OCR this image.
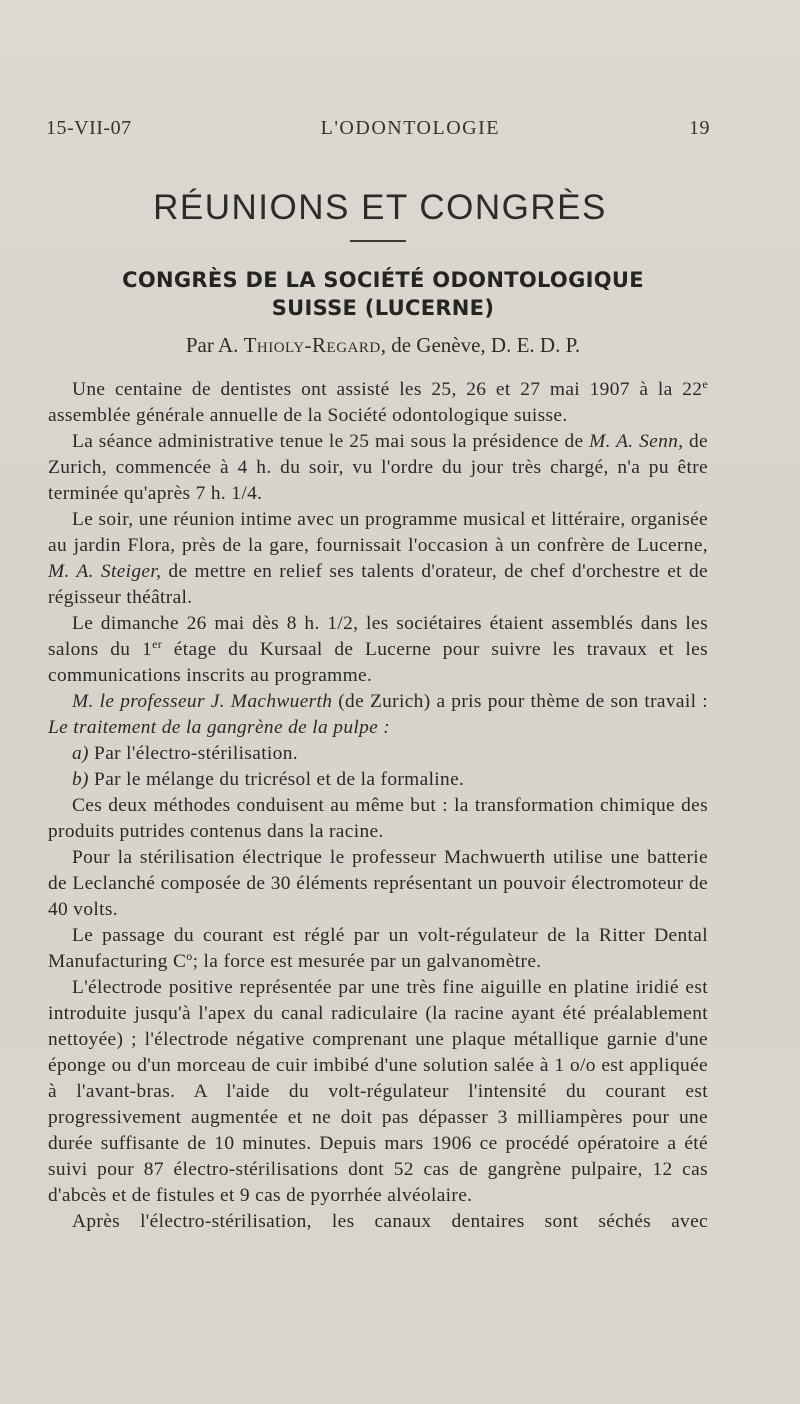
15-VII-07	L'ODONTOLOGIE	19
RÉUNIONS ET CONGRÈS
CONGRÈS DE LA SOCIÉTÉ ODONTOLOGIQUE
SUISSE (LUCERNE)
Par A. Thioly-Regard, de Genève, D. E. D. P.

Une centaine de dentistes ont assisté les 25, 26 et 27 mai 1907 à la 22e assemblée générale annuelle de la Société odontologique suisse.

La séance administrative tenue le 25 mai sous la présidence de M. A. Senn, de Zurich, commencée à 4 h. du soir, vu l'ordre du jour très chargé, n'a pu être terminée qu'après 7 h. 1/4.

Le soir, une réunion intime avec un programme musical et littéraire, organisée au jardin Flora, près de la gare, fournissait l'occasion à un confrère de Lucerne, M. A. Steiger, de mettre en relief ses talents d'orateur, de chef d'orchestre et de régisseur théâtral.

Le dimanche 26 mai dès 8 h. 1/2, les sociétaires étaient assemblés dans les salons du 1er étage du Kursaal de Lucerne pour suivre les travaux et les communications inscrits au programme.

M. le professeur J. Machwuerth (de Zurich) a pris pour thème de son travail : Le traitement de la gangrène de la pulpe :

a) Par l'électro-stérilisation.

b) Par le mélange du tricrésol et de la formaline.

Ces deux méthodes conduisent au même but : la transformation chimique des produits putrides contenus dans la racine.

Pour la stérilisation électrique le professeur Machwuerth utilise une batterie de Leclanché composée de 30 éléments représentant un pouvoir électromoteur de 40 volts.

Le passage du courant est réglé par un volt-régulateur de la Ritter Dental Manufacturing $C^o$; la force est mesurée par un galvanomètre.

L'électrode positive représentée par une très fine aiguille en platine iridié est introduite jusqu'à l'apex du canal radiculaire (la racine ayant été préalablement nettoyée) ; l'électrode négative comprenant une plaque métallique garnie d'une éponge ou d'un morceau de cuir imbibé d'une solution salée à 1 o/o est appliquée à l'avant-bras. A l'aide du volt-régulateur l'intensité du courant est progressivement augmentée et ne doit pas dépasser 3 milliampères pour une durée suffisante de 10 minutes. Depuis mars 1906 ce procédé opératoire a été suivi pour 87 électro-stérilisations dont 52 cas de gangrène pulpaire, 12 cas d'abcès et de fistules et 9 cas de pyorrhée alvéolaire.

Après l'électro-stérilisation, les canaux dentaires sont séchés avec
